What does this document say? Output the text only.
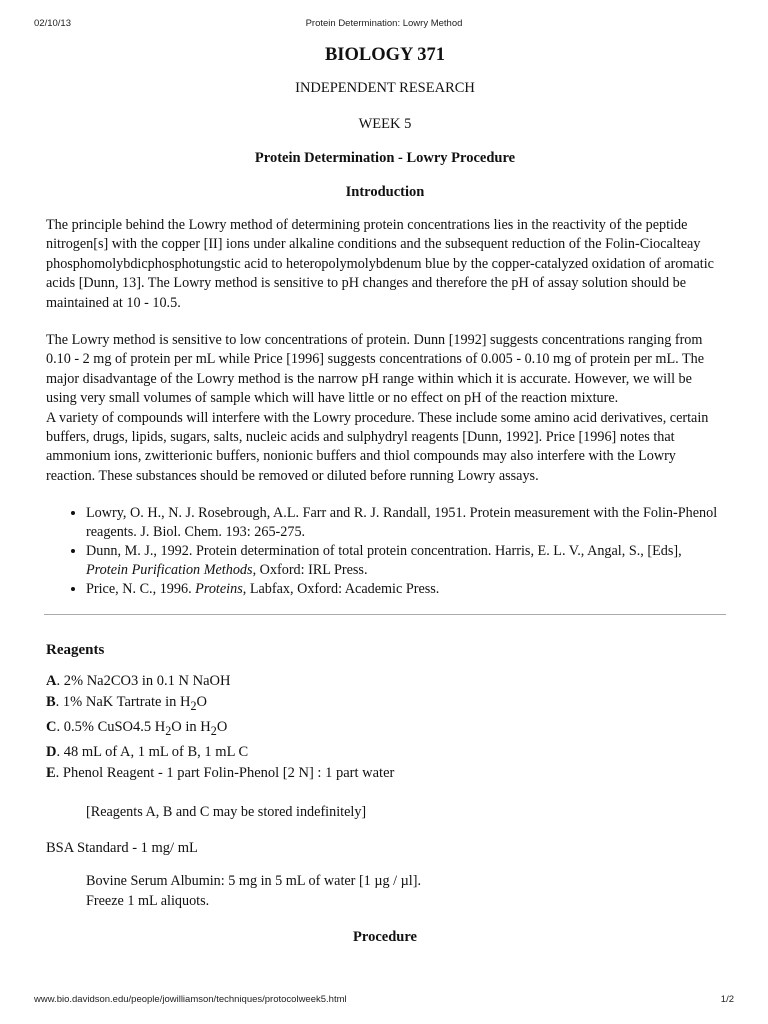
02/10/13	Protein Determination: Lowry Method
BIOLOGY 371
INDEPENDENT RESEARCH
WEEK 5
Protein Determination - Lowry Procedure
Introduction

The principle behind the Lowry method of determining protein concentrations lies in the reactivity of the peptide nitrogen[s] with the copper [II] ions under alkaline conditions and the subsequent reduction of the Folin-Ciocalteay phosphomolybdicphosphotungstic acid to heteropolymolybdenum blue by the copper-catalyzed oxidation of aromatic acids [Dunn, 13]. The Lowry method is sensitive to pH changes and therefore the pH of assay solution should be maintained at 10 - 10.5.

The Lowry method is sensitive to low concentrations of protein. Dunn [1992] suggests concentrations ranging from 0.10 - 2 mg of protein per mL while Price [1996] suggests concentrations of 0.005 - 0.10 mg of protein per mL. The major disadvantage of the Lowry method is the narrow pH range within which it is accurate. However, we will be using very small volumes of sample which will have little or no effect on pH of the reaction mixture.

A variety of compounds will interfere with the Lowry procedure. These include some amino acid derivatives, certain buffers, drugs, lipids, sugars, salts, nucleic acids and sulphydryl reagents [Dunn, 1992]. Price [1996] notes that ammonium ions, zwitterionic buffers, nonionic buffers and thiol compounds may also interfere with the Lowry reaction. These substances should be removed or diluted before running Lowry assays.

• Lowry, O. H., N. J. Rosebrough, A.L. Farr and R. J. Randall, 1951. Protein measurement with the Folin-Phenol reagents. J. Biol. Chem. 193: 265-275.
• Dunn, M. J., 1992. Protein determination of total protein concentration. Harris, E. L. V., Angal, S., [Eds], Protein Purification Methods, Oxford: IRL Press.
• Price, N. C., 1996. Proteins, Labfax, Oxford: Academic Press.
Reagents
A. 2% Na2CO3 in 0.1 N NaOH
B. 1% NaK Tartrate in $H_2O$
C. 0.5% CuSO4.5 $H_2O$ in $H_2O$
D. 48 mL of A, 1 mL of B, 1 mL C
E. Phenol Reagent - 1 part Folin-Phenol [2 N] : 1 part water
[Reagents A, B and C may be stored indefinitely]
BSA Standard - 1 mg/ mL
Bovine Serum Albumin: 5 mg in 5 mL of water [1 µg / µl].
Freeze 1 mL aliquots.
Procedure
www.bio.davidson.edu/people/jowilliamson/techniques/protocolweek5.html	1/2
